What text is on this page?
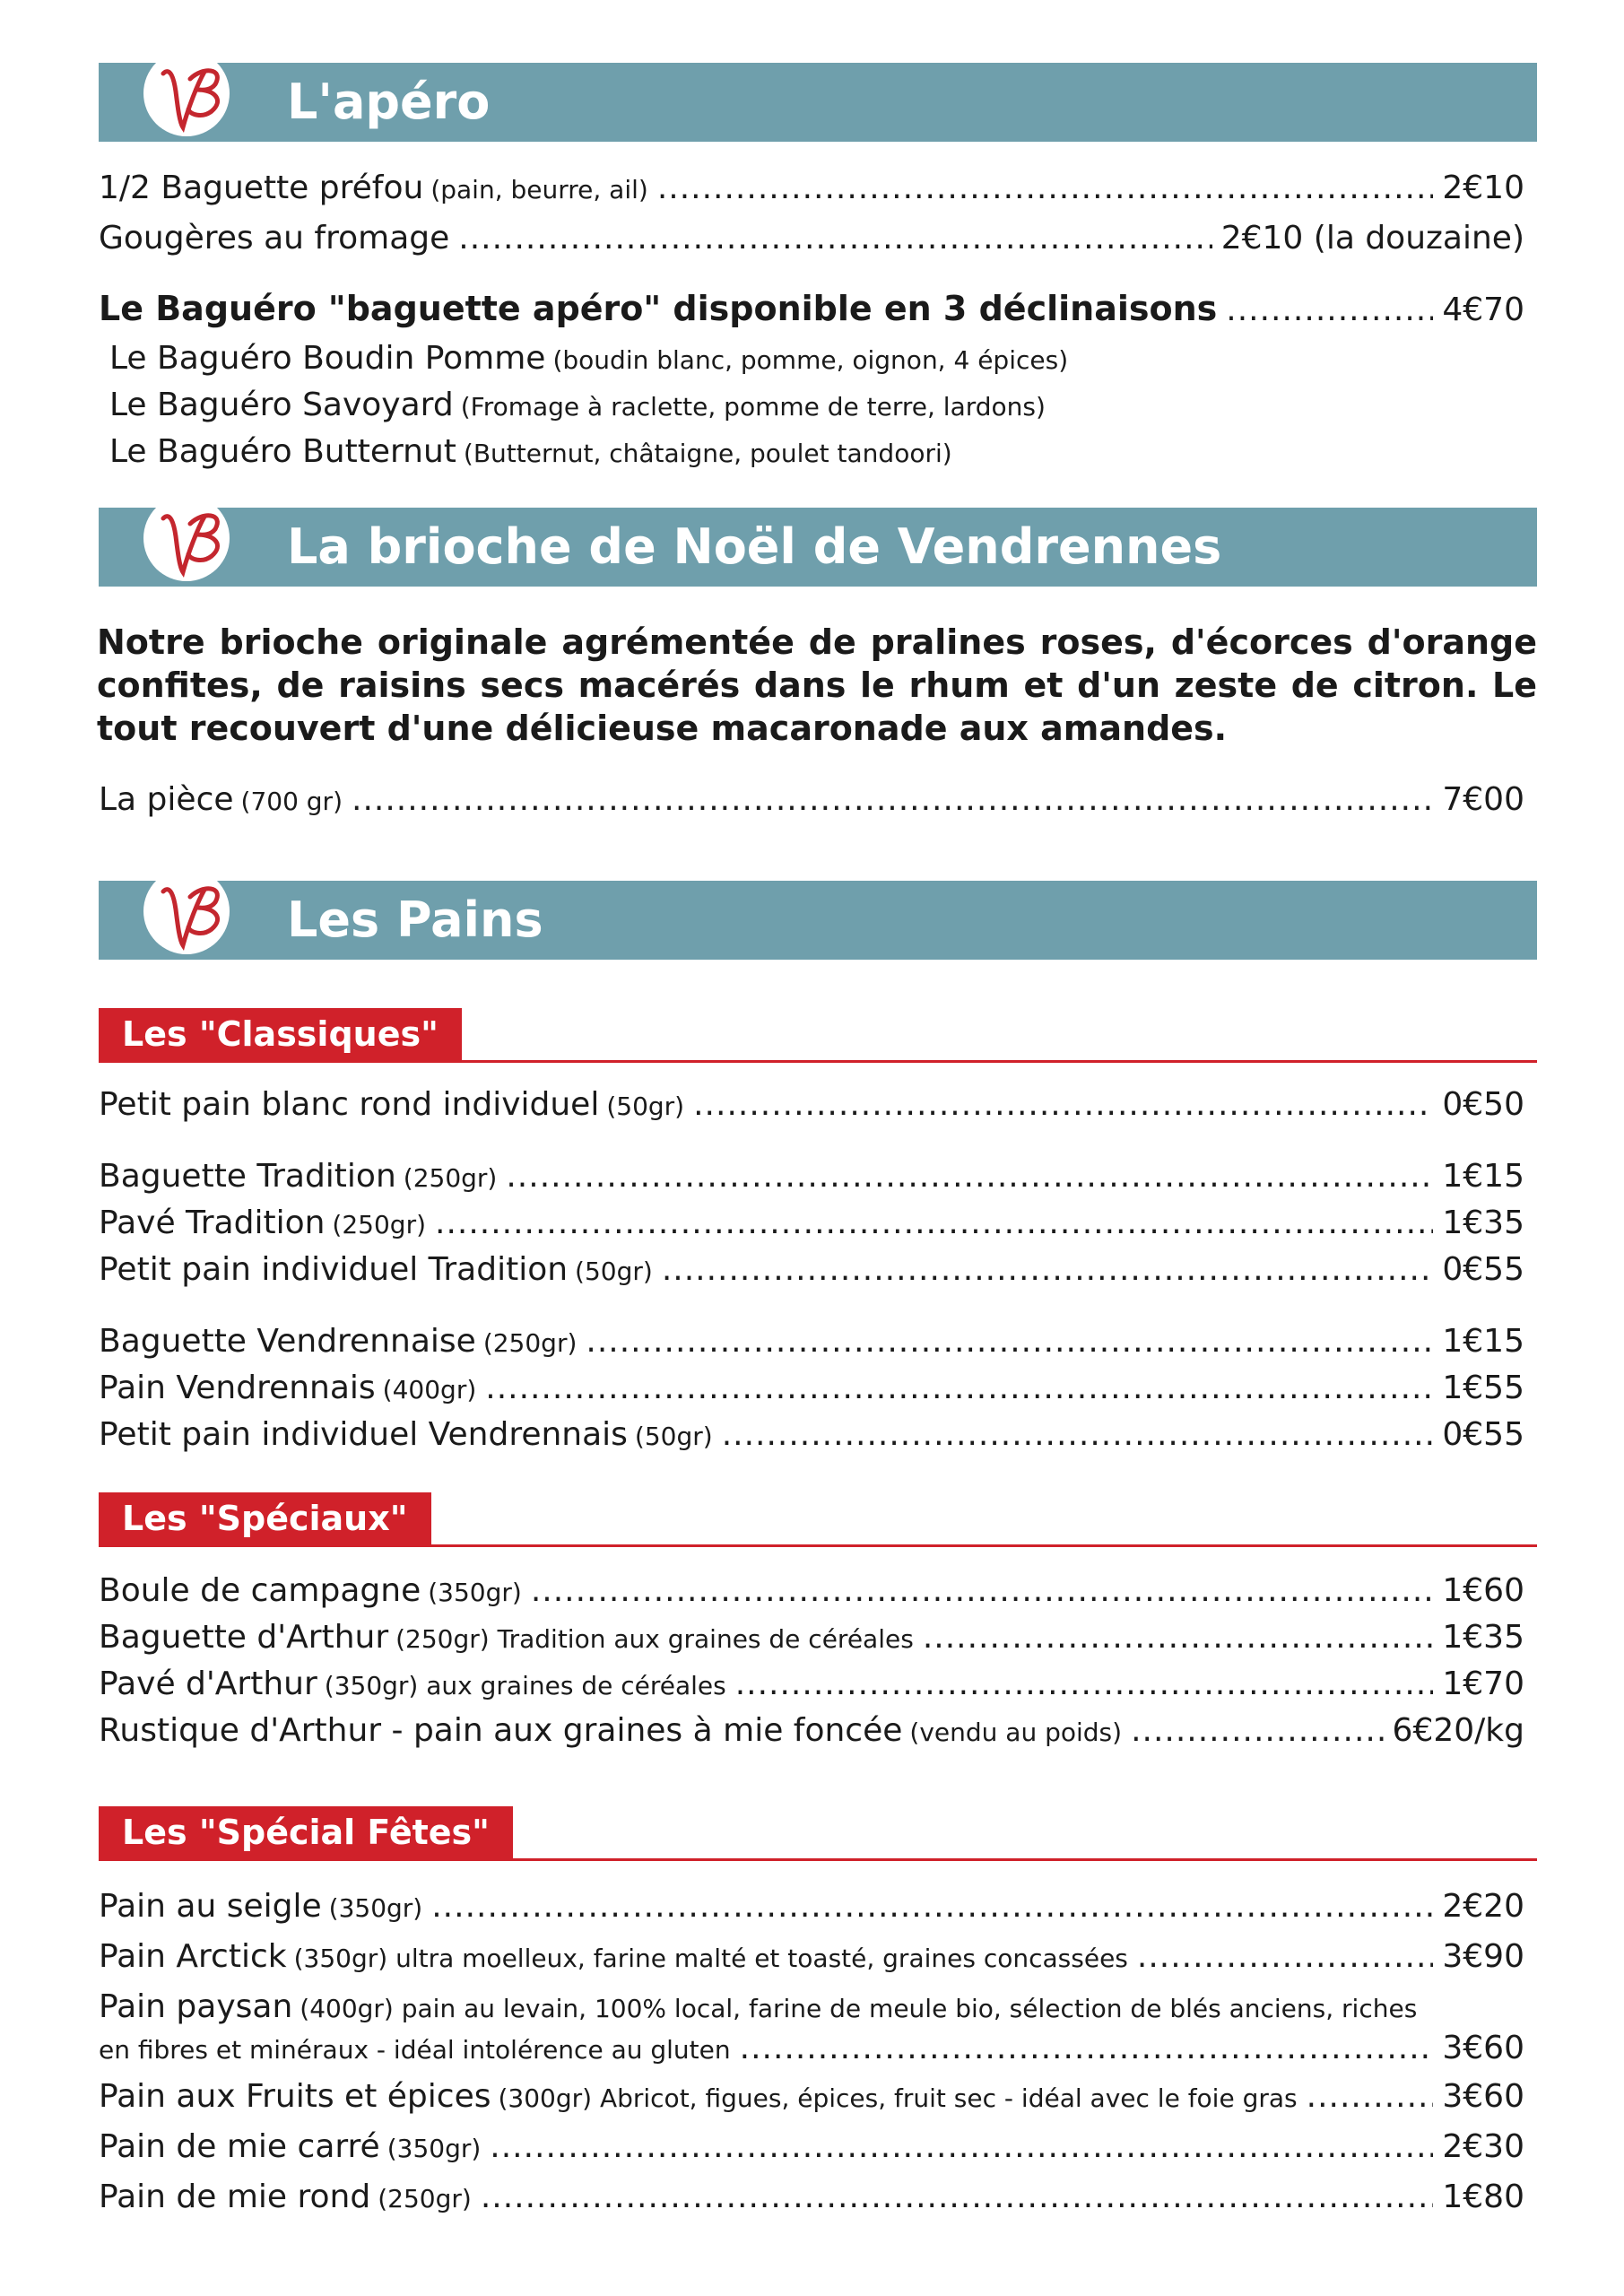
L'apéro
1/2 Baguette préfou (pain, beurre, ail) .....	2€10
Gougères au fromage .....	2€10 (la douzaine)
Le Baguéro "baguette apéro" disponible en 3 déclinaisons .....	4€70
Le Baguéro Boudin Pomme (boudin blanc, pomme, oignon, 4 épices)
Le Baguéro Savoyard (Fromage à raclette, pomme de terre, lardons)
Le Baguéro Butternut (Butternut, châtaigne, poulet tandoori)
La brioche de Noël de Vendrennes
Notre brioche originale agrémentée de pralines roses, d'écorces d'orange confites, de raisins secs macérés dans le rhum et d'un zeste de citron. Le tout recouvert d'une délicieuse macaronade aux amandes.
La pièce (700 gr) .....	7€00
Les Pains
Les "Classiques"
Petit pain blanc rond individuel (50gr) .....	0€50
Baguette Tradition (250gr) .....	1€15
Pavé Tradition (250gr) .....	1€35
Petit pain individuel Tradition (50gr) .....	0€55
Baguette Vendrennaise (250gr) .....	1€15
Pain Vendrennais (400gr) .....	1€55
Petit pain individuel Vendrennais (50gr) .....	0€55
Les "Spéciaux"
Boule de campagne (350gr) .....	1€60
Baguette d'Arthur (250gr) Tradition aux graines de céréales .....	1€35
Pavé d'Arthur (350gr) aux graines de céréales .....	1€70
Rustique d'Arthur - pain aux graines à mie foncée (vendu au poids) .....	6€20/kg
Les "Spécial Fêtes"
Pain au seigle (350gr) .....	2€20
Pain Arctick (350gr) ultra moelleux, farine malté et toasté, graines concassées .....	3€90
Pain paysan (400gr) pain au levain, 100% local, farine de meule bio, sélection de blés anciens, riches
en fibres et minéraux - idéal intolérence au gluten .....	3€60
Pain aux Fruits et épices (300gr) Abricot, figues, épices, fruit sec - idéal avec le foie gras .....	3€60
Pain de mie carré (350gr) .....	2€30
Pain de mie rond (250gr) .....	1€80
